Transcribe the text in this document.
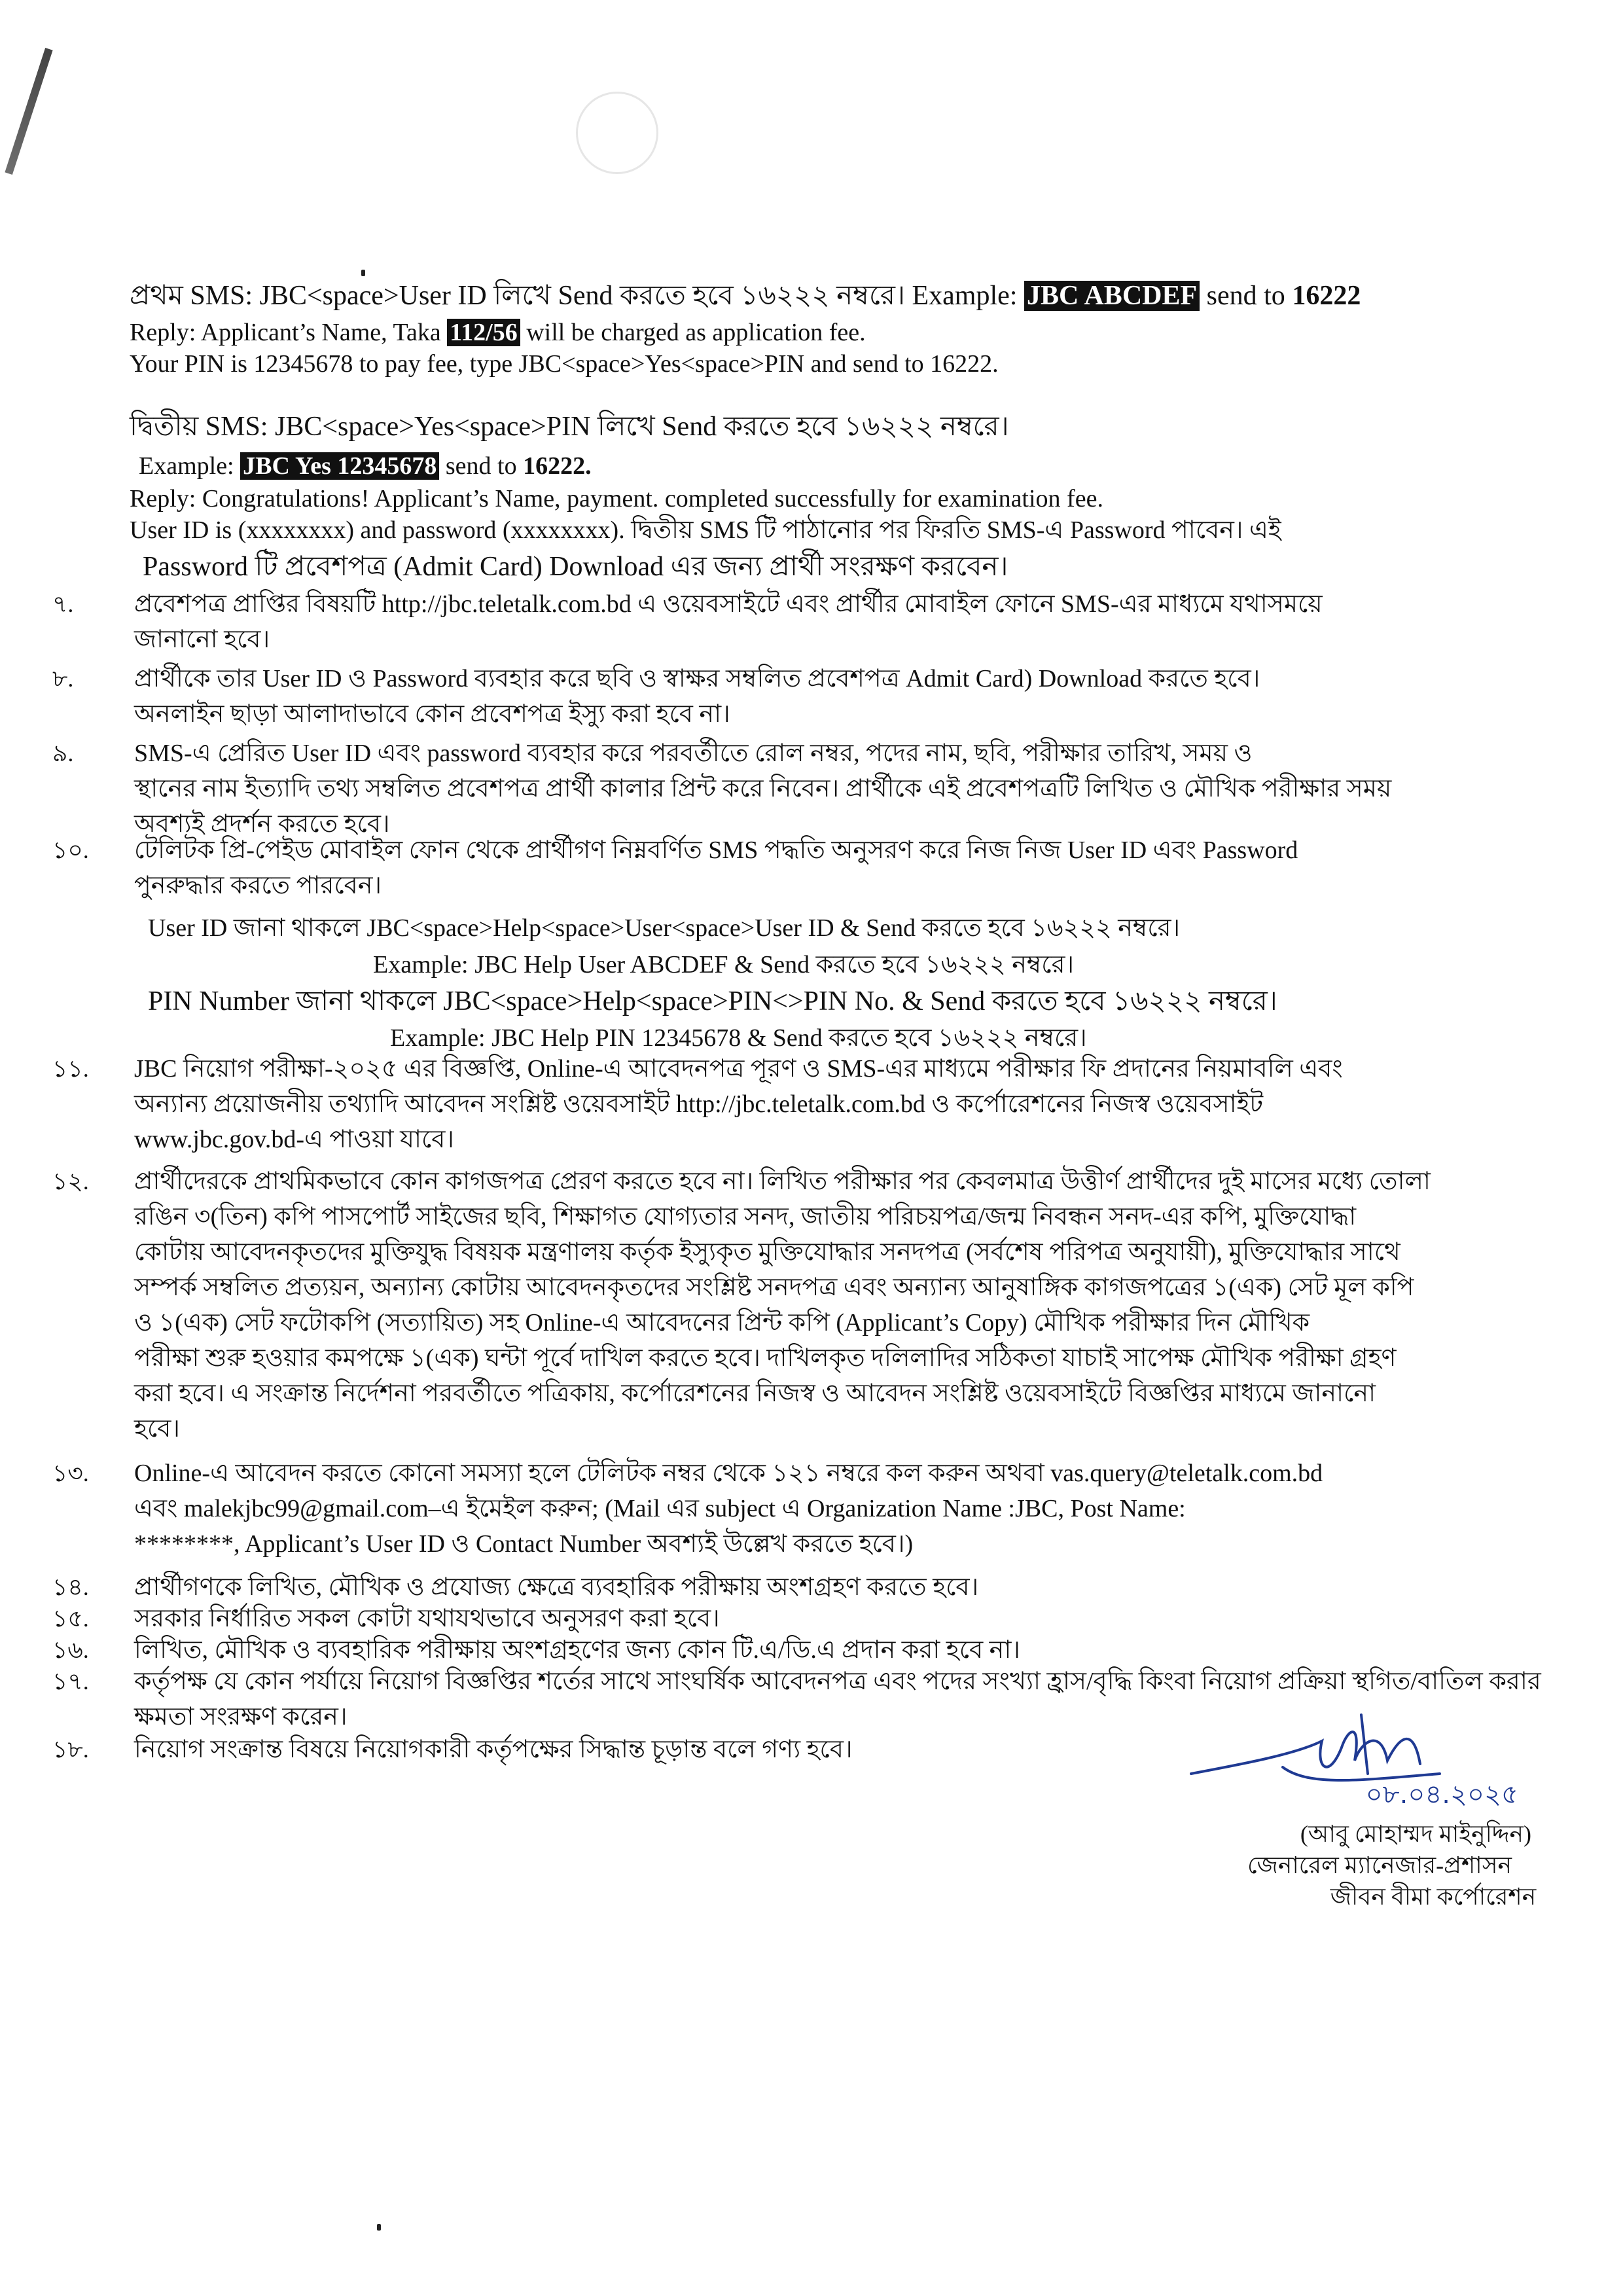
প্রথম SMS: JBC<space>User ID লিখে Send করতে হবে ১৬২২২ নম্বরে। Example: JBC ABCDEF send to 16222
Reply: Applicant’s Name, Taka 112/56 will be charged as application fee.
Your PIN is 12345678 to pay fee, type JBC<space>Yes<space>PIN and send to 16222.
দ্বিতীয় SMS: JBC<space>Yes<space>PIN লিখে Send করতে হবে ১৬২২২ নম্বরে।
Example: JBC Yes 12345678 send to 16222.
Reply: Congratulations! Applicant’s Name, payment. completed successfully for examination fee.
User ID is (xxxxxxxx) and password (xxxxxxxx). দ্বিতীয় SMS টি পাঠানোর পর ফিরতি SMS-এ Password পাবেন। এই
Password টি প্রবেশপত্র (Admit Card) Download এর জন্য প্রার্থী সংরক্ষণ করবেন।
৭.	প্রবেশপত্র প্রাপ্তির বিষয়টি http://jbc.teletalk.com.bd এ ওয়েবসাইটে এবং প্রার্থীর মোবাইল ফোনে SMS-এর মাধ্যমে যথাসময়ে
জানানো হবে।
৮.	প্রার্থীকে তার User ID ও Password ব্যবহার করে ছবি ও স্বাক্ষর সম্বলিত প্রবেশপত্র Admit Card) Download করতে হবে।
অনলাইন ছাড়া আলাদাভাবে কোন প্রবেশপত্র ইস্যু করা হবে না।
৯.	SMS-এ প্রেরিত User ID এবং password ব্যবহার করে পরবর্তীতে রোল নম্বর, পদের নাম, ছবি, পরীক্ষার তারিখ, সময় ও
স্থানের নাম ইত্যাদি তথ্য সম্বলিত প্রবেশপত্র প্রার্থী কালার প্রিন্ট করে নিবেন। প্রার্থীকে এই প্রবেশপত্রটি লিখিত ও মৌখিক পরীক্ষার সময়
অবশ্যই প্রদর্শন করতে হবে।
১০.	টেলিটক প্রি-পেইড মোবাইল ফোন থেকে প্রার্থীগণ নিম্নবর্ণিত SMS পদ্ধতি অনুসরণ করে নিজ নিজ User ID এবং Password
পুনরুদ্ধার করতে পারবেন।
User ID জানা থাকলে JBC<space>Help<space>User<space>User ID & Send করতে হবে ১৬২২২ নম্বরে।
Example: JBC Help User ABCDEF & Send করতে হবে ১৬২২২ নম্বরে।
PIN Number জানা থাকলে JBC<space>Help<space>PIN<>PIN No. & Send করতে হবে ১৬২২২ নম্বরে।
Example: JBC Help PIN 12345678 & Send করতে হবে ১৬২২২ নম্বরে।
১১.	JBC নিয়োগ পরীক্ষা-২০২৫ এর বিজ্ঞপ্তি, Online-এ আবেদনপত্র পূরণ ও SMS-এর মাধ্যমে পরীক্ষার ফি প্রদানের নিয়মাবলি এবং
অন্যান্য প্রয়োজনীয় তথ্যাদি আবেদন সংশ্লিষ্ট ওয়েবসাইট http://jbc.teletalk.com.bd ও কর্পোরেশনের নিজস্ব ওয়েবসাইট
www.jbc.gov.bd-এ পাওয়া যাবে।
১২.	প্রার্থীদেরকে প্রাথমিকভাবে কোন কাগজপত্র প্রেরণ করতে হবে না। লিখিত পরীক্ষার পর কেবলমাত্র উত্তীর্ণ প্রার্থীদের দুই মাসের মধ্যে তোলা
রঙিন ৩(তিন) কপি পাসপোর্ট সাইজের ছবি, শিক্ষাগত যোগ্যতার সনদ, জাতীয় পরিচয়পত্র/জন্ম নিবন্ধন সনদ-এর কপি, মুক্তিযোদ্ধা
কোটায় আবেদনকৃতদের মুক্তিযুদ্ধ বিষয়ক মন্ত্রণালয় কর্তৃক ইস্যুকৃত মুক্তিযোদ্ধার সনদপত্র (সর্বশেষ পরিপত্র অনুযায়ী), মুক্তিযোদ্ধার সাথে
সম্পর্ক সম্বলিত প্রত্যয়ন, অন্যান্য কোটায় আবেদনকৃতদের সংশ্লিষ্ট সনদপত্র এবং অন্যান্য আনুষাঙ্গিক কাগজপত্রের ১(এক) সেট মূল কপি
ও ১(এক) সেট ফটোকপি (সত্যায়িত) সহ Online-এ আবেদনের প্রিন্ট কপি (Applicant’s Copy) মৌখিক পরীক্ষার দিন মৌখিক
পরীক্ষা শুরু হওয়ার কমপক্ষে ১(এক) ঘন্টা পূর্বে দাখিল করতে হবে। দাখিলকৃত দলিলাদির সঠিকতা যাচাই সাপেক্ষ মৌখিক পরীক্ষা গ্রহণ
করা হবে। এ সংক্রান্ত নির্দেশনা পরবর্তীতে পত্রিকায়, কর্পোরেশনের নিজস্ব ও আবেদন সংশ্লিষ্ট ওয়েবসাইটে বিজ্ঞপ্তির মাধ্যমে জানানো
হবে।
১৩.	Online-এ আবেদন করতে কোনো সমস্যা হলে টেলিটক নম্বর থেকে ১২১ নম্বরে কল করুন অথবা vas.query@teletalk.com.bd
এবং malekjbc99@gmail.com–এ ইমেইল করুন; (Mail এর subject এ Organization Name :JBC, Post Name:
********, Applicant’s User ID ও Contact Number অবশ্যই উল্লেখ করতে হবে।)
১৪.	প্রার্থীগণকে লিখিত, মৌখিক ও প্রযোজ্য ক্ষেত্রে ব্যবহারিক পরীক্ষায় অংশগ্রহণ করতে হবে।
১৫.	সরকার নির্ধারিত সকল কোটা যথাযথভাবে অনুসরণ করা হবে।
১৬.	লিখিত, মৌখিক ও ব্যবহারিক পরীক্ষায় অংশগ্রহণের জন্য কোন টি.এ/ডি.এ প্রদান করা হবে না।
১৭.	কর্তৃপক্ষ যে কোন পর্যায়ে নিয়োগ বিজ্ঞপ্তির শর্তের সাথে সাংঘর্ষিক আবেদনপত্র এবং পদের সংখ্যা হ্রাস/বৃদ্ধি কিংবা নিয়োগ প্রক্রিয়া স্থগিত/বাতিল করার
ক্ষমতা সংরক্ষণ করেন।
১৮.	নিয়োগ সংক্রান্ত বিষয়ে নিয়োগকারী কর্তৃপক্ষের সিদ্ধান্ত চূড়ান্ত বলে গণ্য হবে।
০৮.০৪.২০২৫
(আবু মোহাম্মদ মাইনুদ্দিন)
জেনারেল ম্যানেজার-প্রশাসন
জীবন বীমা কর্পোরেশন
